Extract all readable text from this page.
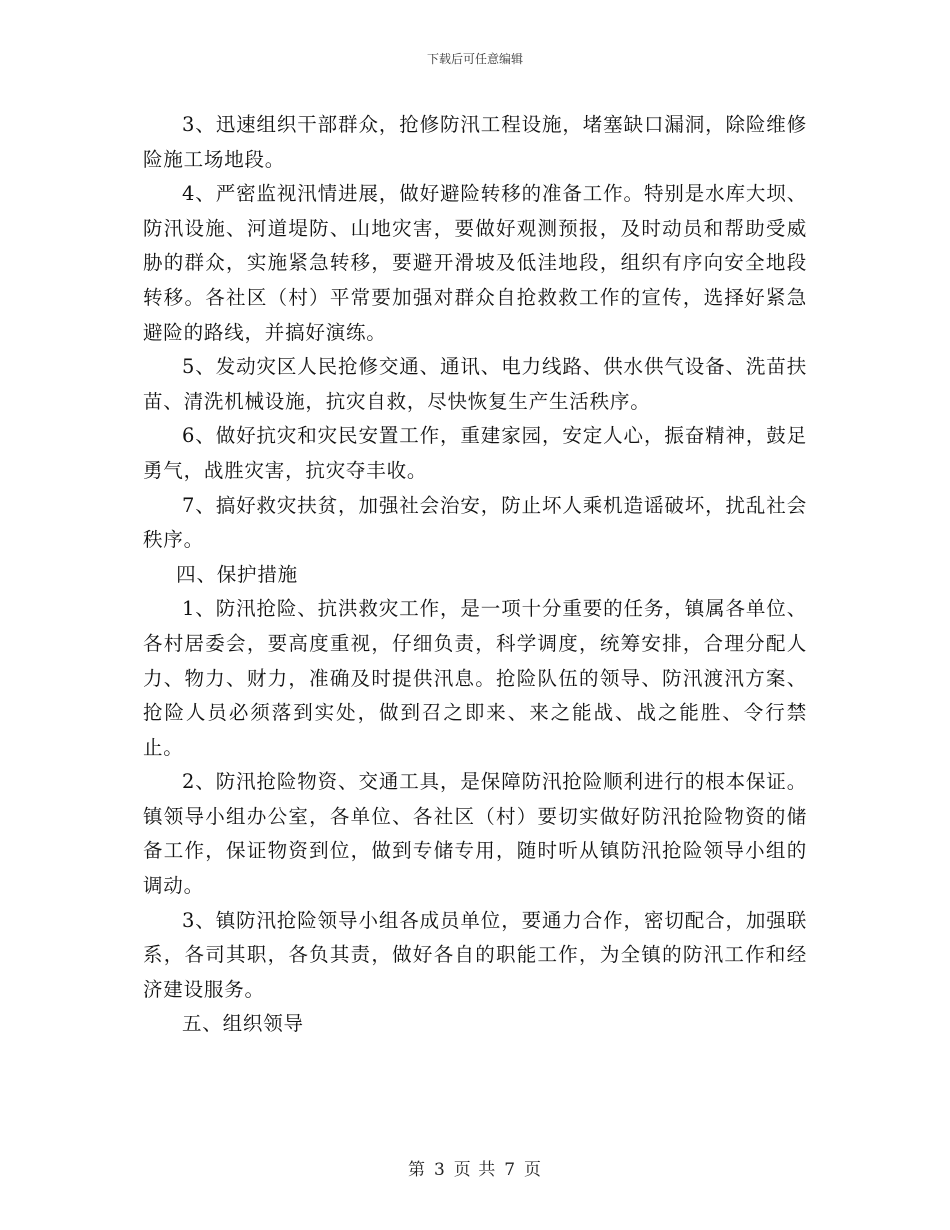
下载后可任意编辑

3、迅速组织干部群众，抢修防汛工程设施，堵塞缺口漏洞，除险维修险施工场地段。

4、严密监视汛情进展，做好避险转移的准备工作。特别是水库大坝、防汛设施、河道堤防、山地灾害，要做好观测预报，及时动员和帮助受威胁的群众，实施紧急转移，要避开滑坡及低洼地段，组织有序向安全地段转移。各社区（村）平常要加强对群众自抢救救工作的宣传，选择好紧急避险的路线，并搞好演练。

5、发动灾区人民抢修交通、通讯、电力线路、供水供气设备、洗苗扶苗、清洗机械设施，抗灾自救，尽快恢复生产生活秩序。

6、做好抗灾和灾民安置工作，重建家园，安定人心，振奋精神，鼓足勇气，战胜灾害，抗灾夺丰收。

7、搞好救灾扶贫，加强社会治安，防止坏人乘机造谣破坏，扰乱社会秩序。

四、保护措施

1、防汛抢险、抗洪救灾工作，是一项十分重要的任务，镇属各单位、各村居委会，要高度重视，仔细负责，科学调度，统筹安排，合理分配人力、物力、财力，准确及时提供汛息。抢险队伍的领导、防汛渡汛方案、抢险人员必须落到实处，做到召之即来、来之能战、战之能胜、令行禁止。

2、防汛抢险物资、交通工具，是保障防汛抢险顺利进行的根本保证。镇领导小组办公室，各单位、各社区（村）要切实做好防汛抢险物资的储备工作，保证物资到位，做到专储专用，随时听从镇防汛抢险领导小组的调动。

3、镇防汛抢险领导小组各成员单位，要通力合作，密切配合，加强联系，各司其职，各负其责，做好各自的职能工作，为全镇的防汛工作和经济建设服务。

五、组织领导

第 3 页 共 7 页
